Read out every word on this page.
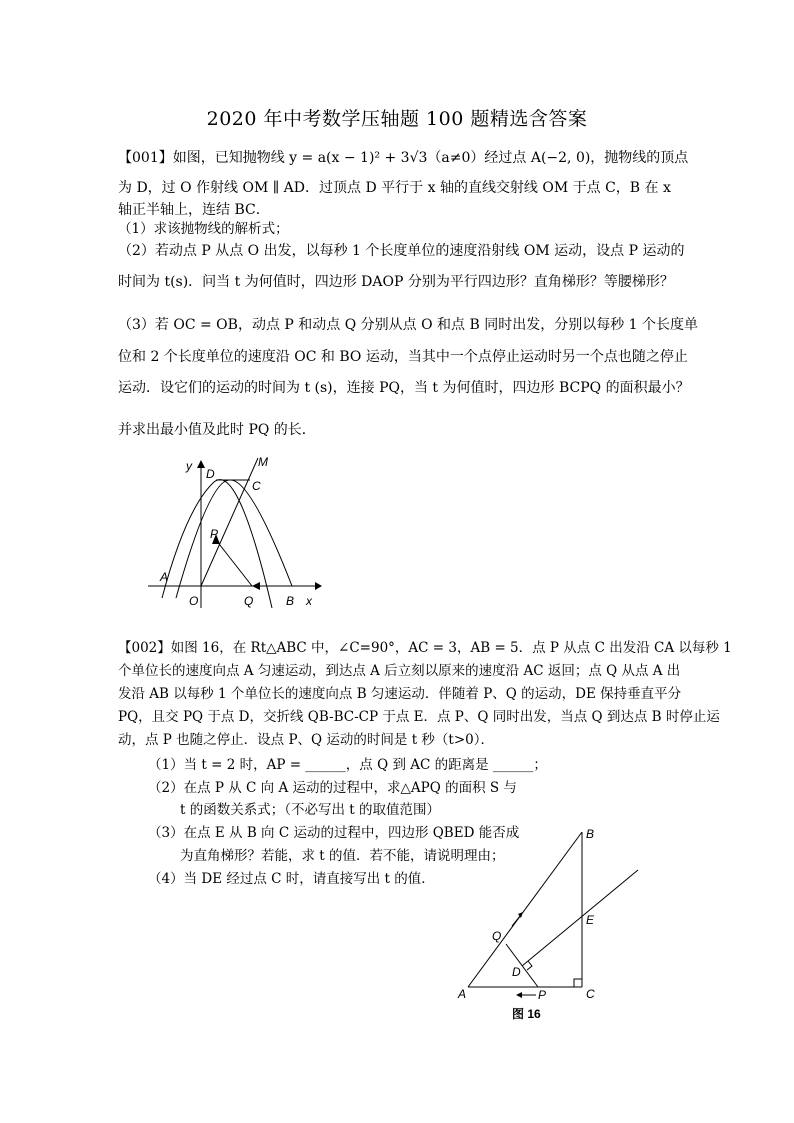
2020 年中考数学压轴题 100 题精选含答案
【001】如图，已知抛物线 y = a(x − 1)² + 3√3（a≠0）经过点 A(−2, 0)，抛物线的顶点
为 D，过 O 作射线 OM ∥ AD．过顶点 D 平行于 x 轴的直线交射线 OM 于点 C，B 在 x
轴正半轴上，连结 BC．
（1）求该抛物线的解析式；
（2）若动点 P 从点 O 出发，以每秒 1 个长度单位的速度沿射线 OM 运动，设点 P 运动的
时间为 t(s)．问当 t 为何值时，四边形 DAOP 分别为平行四边形？直角梯形？等腰梯形？
（3）若 OC = OB，动点 P 和动点 Q 分别从点 O 和点 B 同时出发，分别以每秒 1 个长度单
位和 2 个长度单位的速度沿 OC 和 BO 运动，当其中一个点停止运动时另一个点也随之停止
运动．设它们的运动的时间为 t (s)，连接 PQ，当 t 为何值时，四边形 BCPQ 的面积最小？
并求出最小值及此时 PQ 的长．
y
D
M
C
P
A
O	Q	B x
【002】如图 16，在 Rt△ABC 中，∠C=90°，AC = 3，AB = 5．点 P 从点 C 出发沿 CA 以每秒 1
个单位长的速度向点 A 匀速运动，到达点 A 后立刻以原来的速度沿 AC 返回；点 Q 从点 A 出
发沿 AB 以每秒 1 个单位长的速度向点 B 匀速运动．伴随着 P、Q 的运动，DE 保持垂直平分
PQ，且交 PQ 于点 D，交折线 QB-BC-CP 于点 E．点 P、Q 同时出发，当点 Q 到达点 B 时停止运
动，点 P 也随之停止．设点 P、Q 运动的时间是 t 秒（t>0）．
（1）当 t = 2 时，AP = ______，点 Q 到 AC 的距离是 ______；
（2）在点 P 从 C 向 A 运动的过程中，求△APQ 的面积 S 与
t 的函数关系式；（不必写出 t 的取值范围）
（3）在点 E 从 B 向 C 运动的过程中，四边形 QBED 能否成
为直角梯形？若能，求 t 的值．若不能，请说明理由；
（4）当 DE 经过点 C 时，请直接写出 t 的值．
B
Q
E
D
A	P	C
图 16
